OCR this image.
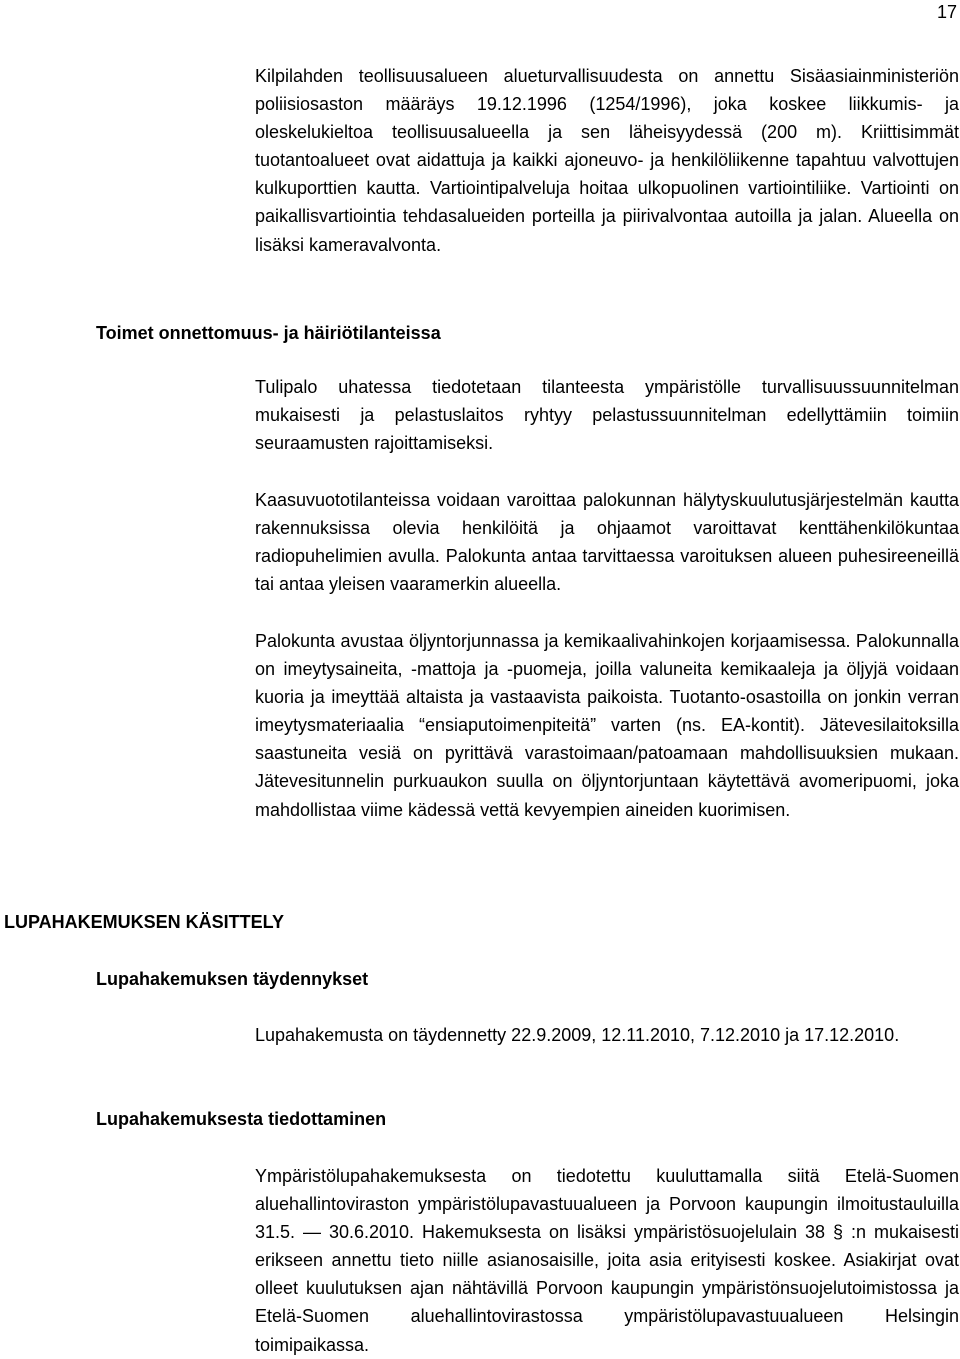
17

Kilpilahden teollisuusalueen alueturvallisuudesta on annettu Sisäasiainministeriön poliisiosaston määräys 19.12.1996 (1254/1996), joka koskee liikkumis- ja oleskelukieltoa teollisuusalueella ja sen läheisyydessä (200 m). Kriittisimmät tuotantoalueet ovat aidattuja ja kaikki ajoneuvo- ja henkilöliikenne tapahtuu valvottujen kulkuporttien kautta. Vartiointipalveluja hoitaa ulkopuolinen vartiointiliike. Vartiointi on paikallisvartiointia tehdasalueiden porteilla ja piirivalvontaa autoilla ja jalan. Alueella on lisäksi kameravalvonta.

Toimet onnettomuus- ja häiriötilanteissa

Tulipalo uhatessa tiedotetaan tilanteesta ympäristölle turvallisuussuunnitelman mukaisesti ja pelastuslaitos ryhtyy pelastussuunnitelman edellyttämiin toimiin seuraamusten rajoittamiseksi.

Kaasuvuototilanteissa voidaan varoittaa palokunnan hälytyskuulutusjärjestelmän kautta rakennuksissa olevia henkilöitä ja ohjaamot varoittavat kenttähenkilökuntaa radiopuhelimien avulla. Palokunta antaa tarvittaessa varoituksen alueen puhesireeneillä tai antaa yleisen vaaramerkin alueella.

Palokunta avustaa öljyntorjunnassa ja kemikaalivahinkojen korjaamisessa. Palokunnalla on imeytysaineita, -mattoja ja -puomeja, joilla valuneita kemikaaleja ja öljyjä voidaan kuoria ja imeyttää altaista ja vastaavista paikoista. Tuotanto-osastoilla on jonkin verran imeytysmateriaalia “ensiaputoimenpiteitä” varten (ns. EA-kontit). Jätevesilaitoksilla saastuneita vesiä on pyrittävä varastoimaan/patoamaan mahdollisuuksien mukaan. Jätevesitunnelin purkuaukon suulla on öljyntorjuntaan käytettävä avomeripuomi, joka mahdollistaa viime kädessä vettä kevyempien aineiden kuorimisen.

LUPAHAKEMUKSEN KÄSITTELY
Lupahakemuksen täydennykset

Lupahakemusta on täydennetty 22.9.2009, 12.11.2010, 7.12.2010 ja 17.12.2010.

Lupahakemuksesta tiedottaminen

Ympäristölupahakemuksesta on tiedotettu kuuluttamalla siitä Etelä-Suomen aluehallintoviraston ympäristölupavastuualueen ja Porvoon kaupungin ilmoitustauluilla 31.5. — 30.6.2010. Hakemuksesta on lisäksi ympäristösuojelulain 38 § :n mukaisesti erikseen annettu tieto niille asianosaisille, joita asia erityisesti koskee. Asiakirjat ovat olleet kuulutuksen ajan nähtävillä Porvoon kaupungin ympäristönsuojelutoimistossa ja Etelä-Suomen aluehallintovirastossa ympäristölupavastuualueen Helsingin toimipaikassa.
